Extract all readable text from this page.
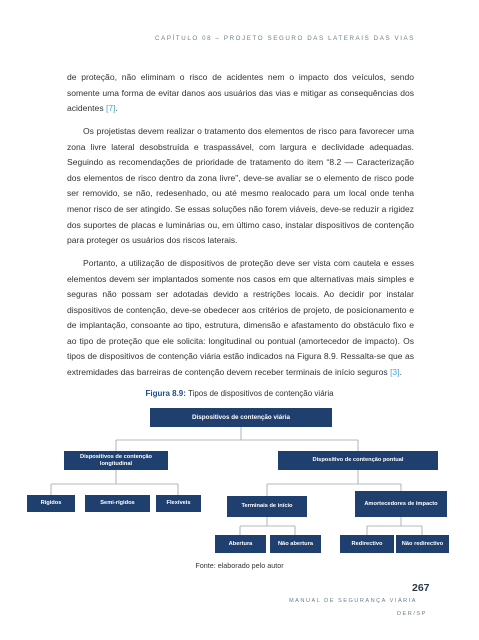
CAPÍTULO 08 – PROJETO SEGURO DAS LATERAIS DAS VIAS

de proteção, não eliminam o risco de acidentes nem o impacto dos veículos, sendo somente uma forma de evitar danos aos usuários das vias e mitigar as consequências dos acidentes [7].

Os projetistas devem realizar o tratamento dos elementos de risco para favorecer uma zona livre lateral desobstruída e traspassável, com largura e declividade adequadas. Seguindo as recomendações de prioridade de tratamento do item “8.2 — Caracterização dos elementos de risco dentro da zona livre”, deve-se avaliar se o elemento de risco pode ser removido, se não, redesenhado, ou até mesmo realocado para um local onde tenha menor risco de ser atingido. Se essas soluções não forem viáveis, deve-se reduzir a rigidez dos suportes de placas e luminárias ou, em último caso, instalar dispositivos de contenção para proteger os usuários dos riscos laterais.

Portanto, a utilização de dispositivos de proteção deve ser vista com cautela e esses elementos devem ser implantados somente nos casos em que alternativas mais simples e seguras não possam ser adotadas devido a restrições locais. Ao decidir por instalar dispositivos de contenção, deve-se obedecer aos critérios de projeto, de posicionamento e de implantação, consoante ao tipo, estrutura, dimensão e afastamento do obstáculo fixo e ao tipo de proteção que ele solicita: longitudinal ou pontual (amortecedor de impacto). Os tipos de dispositivos de contenção viária estão indicados na Figura 8.9. Ressalta-se que as extremidades das barreiras de contenção devem receber terminais de início seguros [3].

Figura 8.9: Tipos de dispositivos de contenção viária
Dispositivos de contenção viária
Dispositivos de contenção longitudinal
Dispositivo de contenção pontual
Rígidos	Semi-rígidos	Flexíveis	Terminais de início	Amortecedores de impacto
Abertura	Não abertura	Redirectivo	Não redirectivo
Fonte: elaborado pelo autor
267
MANUAL DE SEGURANÇA VIÁRIA
DER/SP
